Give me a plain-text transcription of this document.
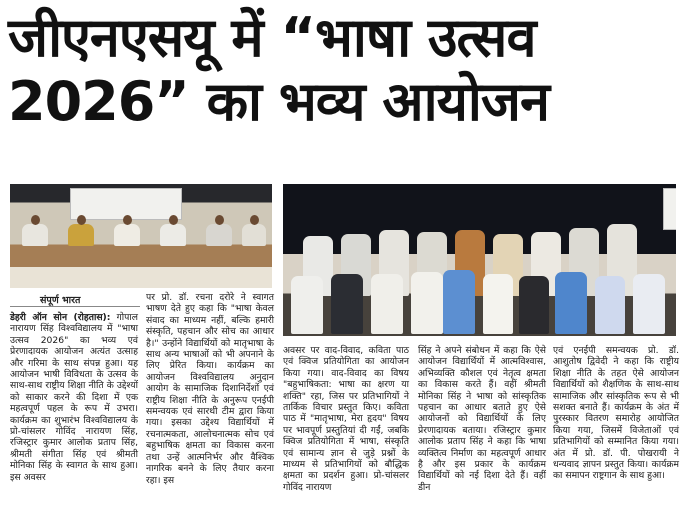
जीएनएसयू में “भाषा उत्सव 2026” का भव्य आयोजन
संपूर्ण भारत

डेहरी ऑन सोन (रोहतास): गोपाल नारायण सिंह विश्वविद्यालय में "भाषा उत्सव 2026" का भव्य एवं प्रेरणादायक आयोजन अत्यंत उत्साह और गरिमा के साथ संपन्न हुआ। यह आयोजन भाषी विविधता के उत्सव के साथ-साथ राष्ट्रीय शिक्षा नीति के उद्देश्यों को साकार करने की दिशा में एक महत्वपूर्ण पहल के रूप में उभरा। कार्यक्रम का शुभारंभ विश्वविद्यालय के प्रो-चांसलर गोविंद नारायण सिंह, रजिस्ट्रार कुमार आलोक प्रताप सिंह, श्रीमती संगीता सिंह एवं श्रीमती मोनिका सिंह के स्वागत के साथ हुआ। इस अवसर

पर प्रो. डॉ. रचना दरोरे ने स्वागत भाषण देते हुए कहा कि "भाषा केवल संवाद का माध्यम नहीं, बल्कि हमारी संस्कृति, पहचान और सोच का आधार है।" उन्होंने विद्यार्थियों को मातृभाषा के साथ अन्य भाषाओं को भी अपनाने के लिए प्रेरित किया। कार्यक्रम का आयोजन विश्वविद्यालय अनुदान आयोग के सामाजिक दिशानिर्देशों एवं राष्ट्रीय शिक्षा नीति के अनुरूप एनईपी समन्वयक एवं सारथी टीम द्वारा किया गया। इसका उद्देश्य विद्यार्थियों में रचनात्मकता, आलोचनात्मक सोच एवं बहुभाषिक क्षमता का विकास करना तथा उन्हें आत्मनिर्भर और वैश्विक नागरिक बनने के लिए तैयार करना रहा। इस

अवसर पर वाद-विवाद, कविता पाठ एवं क्विज प्रतियोगिता का आयोजन किया गया। वाद-विवाद का विषय "बहुभाषिकता: भाषा का क्षरण या शक्ति" रहा, जिस पर प्रतिभागियों ने तार्किक विचार प्रस्तुत किए। कविता पाठ में "मातृभाषा, मेरा हृदय" विषय पर भावपूर्ण प्रस्तुतियां दी गईं, जबकि क्विज प्रतियोगिता में भाषा, संस्कृति एवं सामान्य ज्ञान से जुड़े प्रश्नों के माध्यम से प्रतिभागियों को बौद्धिक क्षमता का प्रदर्शन हुआ। प्रो-चांसलर गोविंद नारायण

सिंह ने अपने संबोधन में कहा कि ऐसे आयोजन विद्यार्थियों में आत्मविश्वास, अभिव्यक्ति कौशल एवं नेतृत्व क्षमता का विकास करते हैं। वहीं श्रीमती मोनिका सिंह ने भाषा को सांस्कृतिक पहचान का आधार बताते हुए ऐसे आयोजनों को विद्यार्थियों के लिए प्रेरणादायक बताया। रजिस्ट्रार कुमार आलोक प्रताप सिंह ने कहा कि भाषा व्यक्तित्व निर्माण का महत्वपूर्ण आधार है और इस प्रकार के कार्यक्रम विद्यार्थियों को नई दिशा देते हैं। वहीं डीन

एवं एनईपी समन्वयक प्रो. डॉ. आशुतोष द्विवेदी ने कहा कि राष्ट्रीय शिक्षा नीति के तहत ऐसे आयोजन विद्यार्थियों को शैक्षणिक के साथ-साथ सामाजिक और सांस्कृतिक रूप से भी सशक्त बनाते हैं। कार्यक्रम के अंत में पुरस्कार वितरण समारोह आयोजित किया गया, जिसमें विजेताओं एवं प्रतिभागियों को सम्मानित किया गया। अंत में प्रो. डॉ. पी. पोखरायी ने धन्यवाद ज्ञापन प्रस्तुत किया। कार्यक्रम का समापन राष्ट्रगान के साथ हुआ।
